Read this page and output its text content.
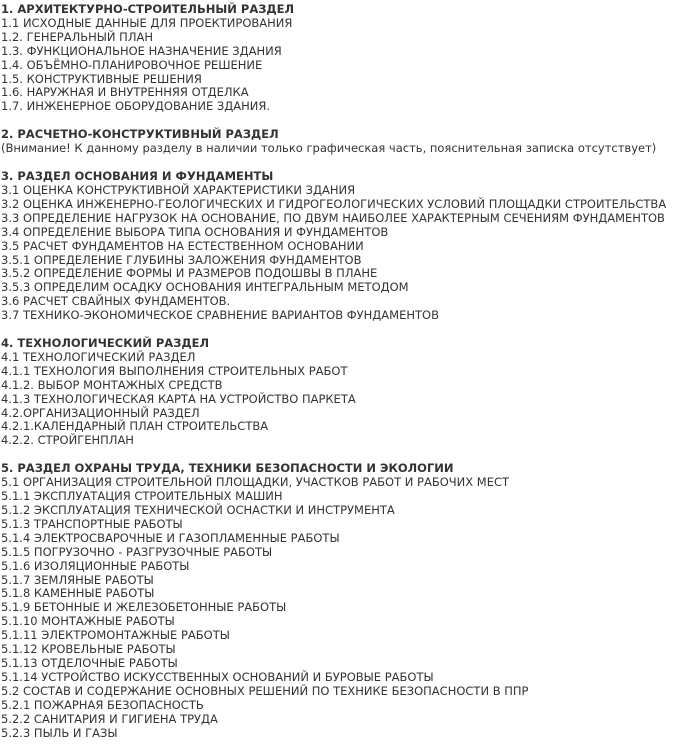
1. АРХИТЕКТУРНО-СТРОИТЕЛЬНЫЙ РАЗДЕЛ
1.1 ИСХОДНЫЕ ДАННЫЕ ДЛЯ ПРОЕКТИРОВАНИЯ
1.2. ГЕНЕРАЛЬНЫЙ ПЛАН
1.3. ФУНКЦИОНАЛЬНОЕ НАЗНАЧЕНИЕ ЗДАНИЯ
1.4. ОБЪЁМНО-ПЛАНИРОВОЧНОЕ РЕШЕНИЕ
1.5. КОНСТРУКТИВНЫЕ РЕШЕНИЯ
1.6. НАРУЖНАЯ И ВНУТРЕННЯЯ ОТДЕЛКА
1.7. ИНЖЕНЕРНОЕ ОБОРУДОВАНИЕ ЗДАНИЯ.
2. РАСЧЕТНО-КОНСТРУКТИВНЫЙ РАЗДЕЛ
(Внимание! К данному разделу в наличии только графическая часть, пояснительная записка отсутствует)
3. РАЗДЕЛ ОСНОВАНИЯ И ФУНДАМЕНТЫ
3.1 ОЦЕНКА КОНСТРУКТИВНОЙ ХАРАКТЕРИСТИКИ ЗДАНИЯ
3.2 ОЦЕНКА ИНЖЕНЕРНО-ГЕОЛОГИЧЕСКИХ И ГИДРОГЕОЛОГИЧЕСКИХ УСЛОВИЙ ПЛОЩАДКИ СТРОИТЕЛЬСТВА
3.3 ОПРЕДЕЛЕНИЕ НАГРУЗОК НА ОСНОВАНИЕ, ПО ДВУМ НАИБОЛЕЕ ХАРАКТЕРНЫМ СЕЧЕНИЯМ ФУНДАМЕНТОВ
3.4 ОПРЕДЕЛЕНИЕ ВЫБОРА ТИПА ОСНОВАНИЯ И ФУНДАМЕНТОВ
3.5 РАСЧЕТ ФУНДАМЕНТОВ НА ЕСТЕСТВЕННОМ ОСНОВАНИИ
3.5.1 ОПРЕДЕЛЕНИЕ ГЛУБИНЫ ЗАЛОЖЕНИЯ ФУНДАМЕНТОВ
3.5.2 ОПРЕДЕЛЕНИЕ ФОРМЫ И РАЗМЕРОВ ПОДОШВЫ В ПЛАНЕ
3.5.3 ОПРЕДЕЛИМ ОСАДКУ ОСНОВАНИЯ ИНТЕГРАЛЬНЫМ МЕТОДОМ
3.6 РАСЧЕТ СВАЙНЫХ ФУНДАМЕНТОВ.
3.7 ТЕХНИКО-ЭКОНОМИЧЕСКОЕ СРАВНЕНИЕ ВАРИАНТОВ ФУНДАМЕНТОВ
4. ТЕХНОЛОГИЧЕСКИЙ РАЗДЕЛ
4.1 ТЕХНОЛОГИЧЕСКИЙ РАЗДЕЛ
4.1.1 ТЕХНОЛОГИЯ ВЫПОЛНЕНИЯ СТРОИТЕЛЬНЫХ РАБОТ
4.1.2. ВЫБОР МОНТАЖНЫХ СРЕДСТВ
4.1.3 ТЕХНОЛОГИЧЕСКАЯ КАРТА НА УСТРОЙСТВО ПАРКЕТА
4.2.ОРГАНИЗАЦИОННЫЙ РАЗДЕЛ
4.2.1.КАЛЕНДАРНЫЙ ПЛАН СТРОИТЕЛЬСТВА
4.2.2. СТРОЙГЕНПЛАН
5. РАЗДЕЛ ОХРАНЫ ТРУДА, ТЕХНИКИ БЕЗОПАСНОСТИ И ЭКОЛОГИИ
5.1 ОРГАНИЗАЦИЯ СТРОИТЕЛЬНОЙ ПЛОЩАДКИ, УЧАСТКОВ РАБОТ И РАБОЧИХ МЕСТ
5.1.1 ЭКСПЛУАТАЦИЯ СТРОИТЕЛЬНЫХ МАШИН
5.1.2 ЭКСПЛУАТАЦИЯ ТЕХНИЧЕСКОЙ ОСНАСТКИ И ИНСТРУМЕНТА
5.1.3 ТРАНСПОРТНЫЕ РАБОТЫ
5.1.4 ЭЛЕКТРОСВАРОЧНЫЕ И ГАЗОПЛАМЕННЫЕ РАБОТЫ
5.1.5 ПОГРУЗОЧНО - РАЗГРУЗОЧНЫЕ РАБОТЫ
5.1.6 ИЗОЛЯЦИОННЫЕ РАБОТЫ
5.1.7 ЗЕМЛЯНЫЕ РАБОТЫ
5.1.8 КАМЕННЫЕ РАБОТЫ
5.1.9 БЕТОННЫЕ И ЖЕЛЕЗОБЕТОННЫЕ РАБОТЫ
5.1.10 МОНТАЖНЫЕ РАБОТЫ
5.1.11 ЭЛЕКТРОМОНТАЖНЫЕ РАБОТЫ
5.1.12 КРОВЕЛЬНЫЕ РАБОТЫ
5.1.13 ОТДЕЛОЧНЫЕ РАБОТЫ
5.1.14 УСТРОЙСТВО ИСКУССТВЕННЫХ ОСНОВАНИЙ И БУРОВЫЕ РАБОТЫ
5.2 СОСТАВ И СОДЕРЖАНИЕ ОСНОВНЫХ РЕШЕНИЙ ПО ТЕХНИКЕ БЕЗОПАСНОСТИ В ППР
5.2.1 ПОЖАРНАЯ БЕЗОПАСНОСТЬ
5.2.2 САНИТАРИЯ И ГИГИЕНА ТРУДА
5.2.3 ПЫЛЬ И ГАЗЫ
